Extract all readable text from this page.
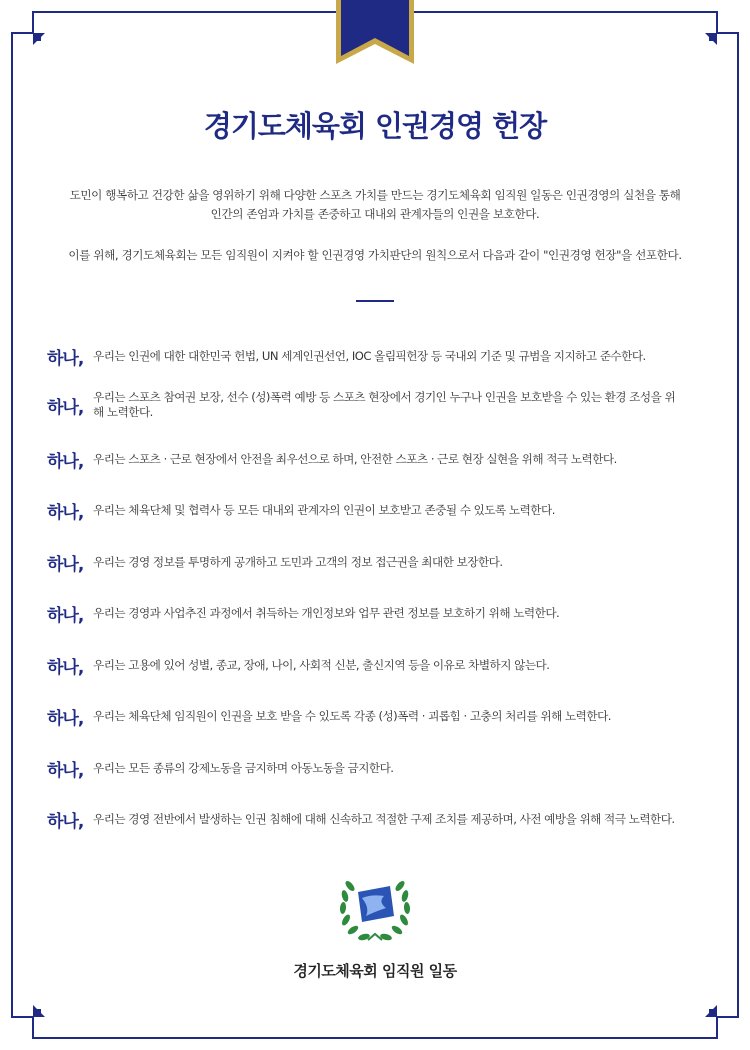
경기도체육회 인권경영 헌장

도민이 행복하고 건강한 삶을 영위하기 위해 다양한 스포츠 가치를 만드는 경기도체육회 임직원 일동은 인권경영의 실천을 통해

인간의 존엄과 가치를 존중하고 대내외 관계자들의 인권을 보호한다.

이를 위해, 경기도체육회는 모든 임직원이 지켜야 할 인권경영 가치판단의 원칙으로서 다음과 같이 "인권경영 헌장"을 선포한다.

하나, 우리는 인권에 대한 대한민국 헌법, UN 세계인권선언, IOC 올림픽헌장 등 국내외 기준 및 규범을 지지하고 준수한다.
하나,
우리는 스포츠 참여권 보장, 선수 (성)폭력 예방 등 스포츠 현장에서 경기인 누구나 인권을 보호받을 수 있는 환경 조성을 위해 노력한다.
하나, 우리는 스포츠 · 근로 현장에서 안전을 최우선으로 하며, 안전한 스포츠 · 근로 현장 실현을 위해 적극 노력한다.
하나, 우리는 체육단체 및 협력사 등 모든 대내외 관계자의 인권이 보호받고 존중될 수 있도록 노력한다.
하나, 우리는 경영 정보를 투명하게 공개하고 도민과 고객의 정보 접근권을 최대한 보장한다.
하나, 우리는 경영과 사업추진 과정에서 취득하는 개인정보와 업무 관련 정보를 보호하기 위해 노력한다.
하나, 우리는 고용에 있어 성별, 종교, 장애, 나이, 사회적 신분, 출신지역 등을 이유로 차별하지 않는다.
하나, 우리는 체육단체 임직원이 인권을 보호 받을 수 있도록 각종 (성)폭력 · 괴롭힘 · 고충의 처리를 위해 노력한다.
하나, 우리는 모든 종류의 강제노동을 금지하며 아동노동을 금지한다.
하나, 우리는 경영 전반에서 발생하는 인권 침해에 대해 신속하고 적절한 구제 조치를 제공하며, 사전 예방을 위해 적극 노력한다.
경기도체육회 임직원 일동
